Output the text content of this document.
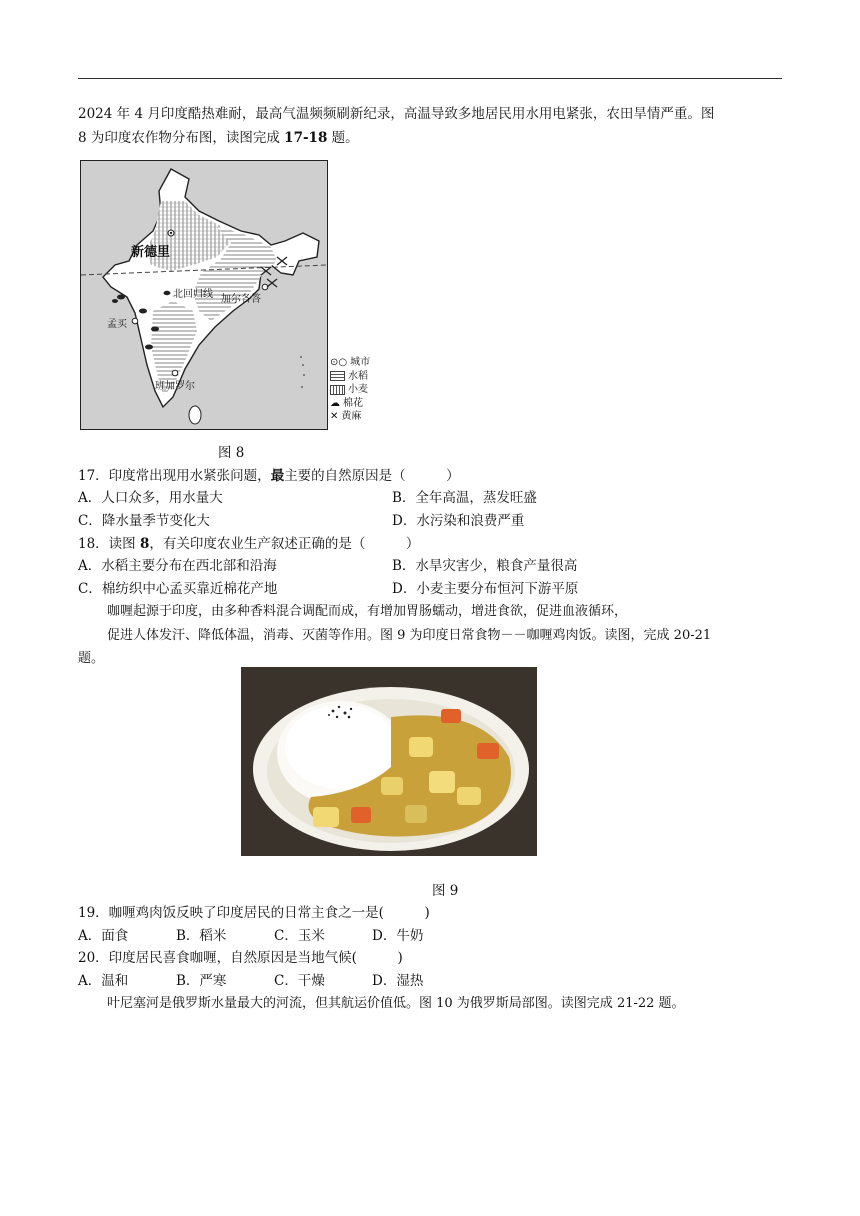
2024 年 4 月印度酷热难耐，最高气温频频刷新纪录，高温导致多地居民用水用电紧张，农田旱情严重。图
8 为印度农作物分布图，读图完成 17-18 题。
新德里
北回归线 加尔各答
孟买
班加罗尔
⊙○ 城市
水稻
小麦
☁ 棉花
✕ 黄麻
图 8
17．印度常出现用水紧张问题，最主要的自然原因是（　　　）
A．人口众多，用水量大	B．全年高温，蒸发旺盛
C．降水量季节变化大	D．水污染和浪费严重
18．读图 8，有关印度农业生产叙述正确的是（　　　）
A．水稻主要分布在西北部和沿海	B．水旱灾害少，粮食产量很高
C．棉纺织中心孟买靠近棉花产地	D．小麦主要分布恒河下游平原
咖喱起源于印度，由多种香料混合调配而成，有增加胃肠蠕动，增进食欲，促进血液循环，
促进人体发汗、降低体温，消毒、灭菌等作用。图 9 为印度日常食物－－咖喱鸡肉饭。读图，完成 20-21
题。
图 9
19．咖喱鸡肉饭反映了印度居民的日常主食之一是(　　　)
A．面食	B．稻米	C．玉米	D．牛奶
20．印度居民喜食咖喱，自然原因是当地气候(　　　)
A．温和	B．严寒	C．干燥	D．湿热
叶尼塞河是俄罗斯水量最大的河流，但其航运价值低。图 10 为俄罗斯局部图。读图完成 21-22 题。
